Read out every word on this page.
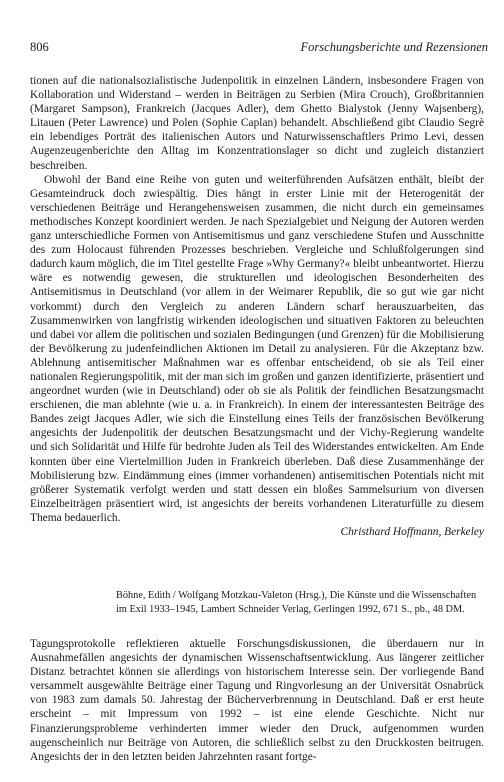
806	Forschungsberichte und Rezensionen

tionen auf die nationalsozialistische Judenpolitik in einzelnen Ländern, insbesondere Fragen von Kollaboration und Widerstand – werden in Beiträgen zu Serbien (Mira Crouch), Großbritannien (Margaret Sampson), Frankreich (Jacques Adler), dem Ghetto Bialystok (Jenny Wajsenberg), Litauen (Peter Lawrence) und Polen (Sophie Caplan) behandelt. Abschließend gibt Claudio Segrè ein lebendiges Porträt des italienischen Autors und Naturwissenschaftlers Primo Levi, dessen Augenzeugenberichte den Alltag im Konzentrationslager so dicht und zugleich distanziert beschreiben.

Obwohl der Band eine Reihe von guten und weiterführenden Aufsätzen enthält, bleibt der Gesamteindruck doch zwiespältig. Dies hängt in erster Linie mit der Heterogenität der verschiedenen Beiträge und Herangehensweisen zusammen, die nicht durch ein gemeinsames methodisches Konzept koordiniert werden. Je nach Spezialgebiet und Neigung der Autoren werden ganz unterschiedliche Formen von Antisemitismus und ganz verschiedene Stufen und Ausschnitte des zum Holocaust führenden Prozesses beschrieben. Vergleiche und Schlußfolgerungen sind dadurch kaum möglich, die im Titel gestellte Frage »Why Germany?« bleibt unbeantwortet. Hierzu wäre es notwendig gewesen, die strukturellen und ideologischen Besonderheiten des Antisemitismus in Deutschland (vor allem in der Weimarer Republik, die so gut wie gar nicht vorkommt) durch den Vergleich zu anderen Ländern scharf herauszuarbeiten, das Zusammenwirken von langfristig wirkenden ideologischen und situativen Faktoren zu beleuchten und dabei vor allem die politischen und sozialen Bedingungen (und Grenzen) für die Mobilisierung der Bevölkerung zu judenfeindlichen Aktionen im Detail zu analysieren. Für die Akzeptanz bzw. Ablehnung antisemitischer Maßnahmen war es offenbar entscheidend, ob sie als Teil einer nationalen Regierungspolitik, mit der man sich im großen und ganzen identifizierte, präsentiert und angeordnet wurden (wie in Deutschland) oder ob sie als Politik der feindlichen Besatzungsmacht erschienen, die man ablehnte (wie u. a. in Frankreich). In einem der interessantesten Beiträge des Bandes zeigt Jacques Adler, wie sich die Einstellung eines Teils der französischen Bevölkerung angesichts der Judenpolitik der deutschen Besatzungsmacht und der Vichy-Regierung wandelte und sich Solidarität und Hilfe für bedrohte Juden als Teil des Widerstandes entwickelten. Am Ende konnten über eine Viertelmillion Juden in Frankreich überleben. Daß diese Zusammenhänge der Mobilisierung bzw. Eindämmung eines (immer vorhandenen) antisemitischen Potentials nicht mit größerer Systematik verfolgt werden und statt dessen ein bloßes Sammelsurium von diversen Einzelbeiträgen präsentiert wird, ist angesichts der bereits vorhandenen Literaturfülle zu diesem Thema bedauerlich.

Christhard Hoffmann, Berkeley

Böhne, Edith / Wolfgang Motzkau-Valeton (Hrsg.), Die Künste und die Wissenschaften im Exil 1933–1945, Lambert Schneider Verlag, Gerlingen 1992, 671 S., pb., 48 DM.

Tagungsprotokolle reflektieren aktuelle Forschungsdiskussionen, die überdauern nur in Ausnahmefällen angesichts der dynamischen Wissenschaftsentwicklung. Aus längerer zeitlicher Distanz betrachtet können sie allerdings von historischem Interesse sein. Der vorliegende Band versammelt ausgewählte Beiträge einer Tagung und Ringvorlesung an der Universität Osnabrück von 1983 zum damals 50. Jahrestag der Bücherverbrennung in Deutschland. Daß er erst heute erscheint – mit Impressum von 1992 – ist eine elende Geschichte. Nicht nur Finanzierungsprobleme verhinderten immer wieder den Druck, aufgenommen wurden augenscheinlich nur Beiträge von Autoren, die schließlich selbst zu den Druckkosten beitrugen. Angesichts der in den letzten beiden Jahrzehnten rasant fortge-
